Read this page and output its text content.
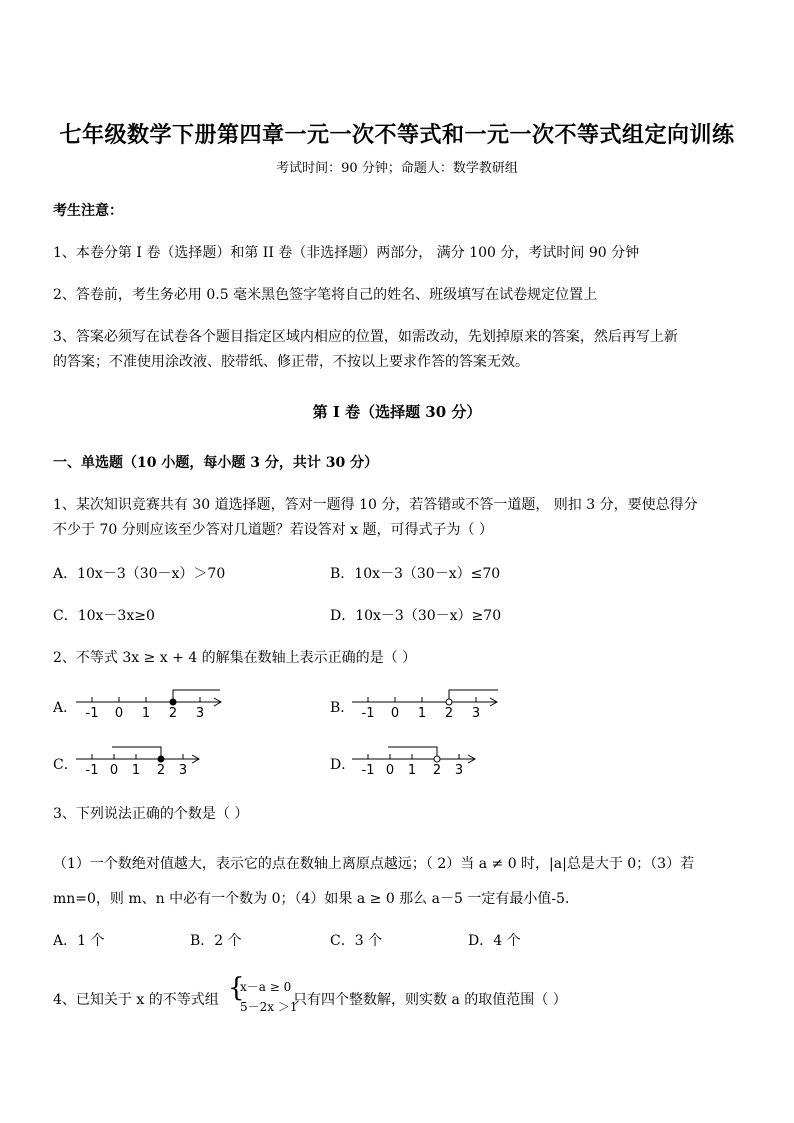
七年级数学下册第四章一元一次不等式和一元一次不等式组定向训练
考试时间：90 分钟；命题人：数学教研组
考生注意：
1、本卷分第 I 卷（选择题）和第 II 卷（非选择题）两部分， 满分 100 分，考试时间 90 分钟
2、答卷前，考生务必用 0.5 毫米黑色签字笔将自己的姓名、班级填写在试卷规定位置上
3、答案必须写在试卷各个题目指定区域内相应的位置，如需改动，先划掉原来的答案，然后再写上新
的答案；不准使用涂改液、胶带纸、修正带，不按以上要求作答的答案无效。
第 I 卷（选择题 30 分）
一、单选题（10 小题，每小题 3 分，共计 30 分）
1、某次知识竞赛共有 30 道选择题，答对一题得 10 分，若答错或不答一道题， 则扣 3 分，要使总得分
不少于 70 分则应该至少答对几道题？若设答对 x 题，可得式子为（ ）
A．10x－3（30－x）＞70	B．10x－3（30－x）≤70
C．10x－3x≥0	D．10x－3（30－x）≥70
2、不等式 3x ≥ x + 4 的解集在数轴上表示正确的是（ ）
A． -1 0 1 2 3	B． -1 0 1 2 3
C． -1 0 1 2 3	D． -1 0 1 2 3
3、下列说法正确的个数是（ ）
（1）一个数绝对值越大，表示它的点在数轴上离原点越远；（ 2）当 a ≠ 0 时，|a|总是大于 0；（3）若
mn=0，则 m、n 中必有一个数为 0；（4）如果 a ≥ 0 那么 a－5 一定有最小值-5．
A．1 个	B．2 个	C．3 个	D．4 个
4、已知关于 x 的不等式组 {
x－a ≥ 0
5－2x ＞1
只有四个整数解，则实数 a 的取值范围（ ）
